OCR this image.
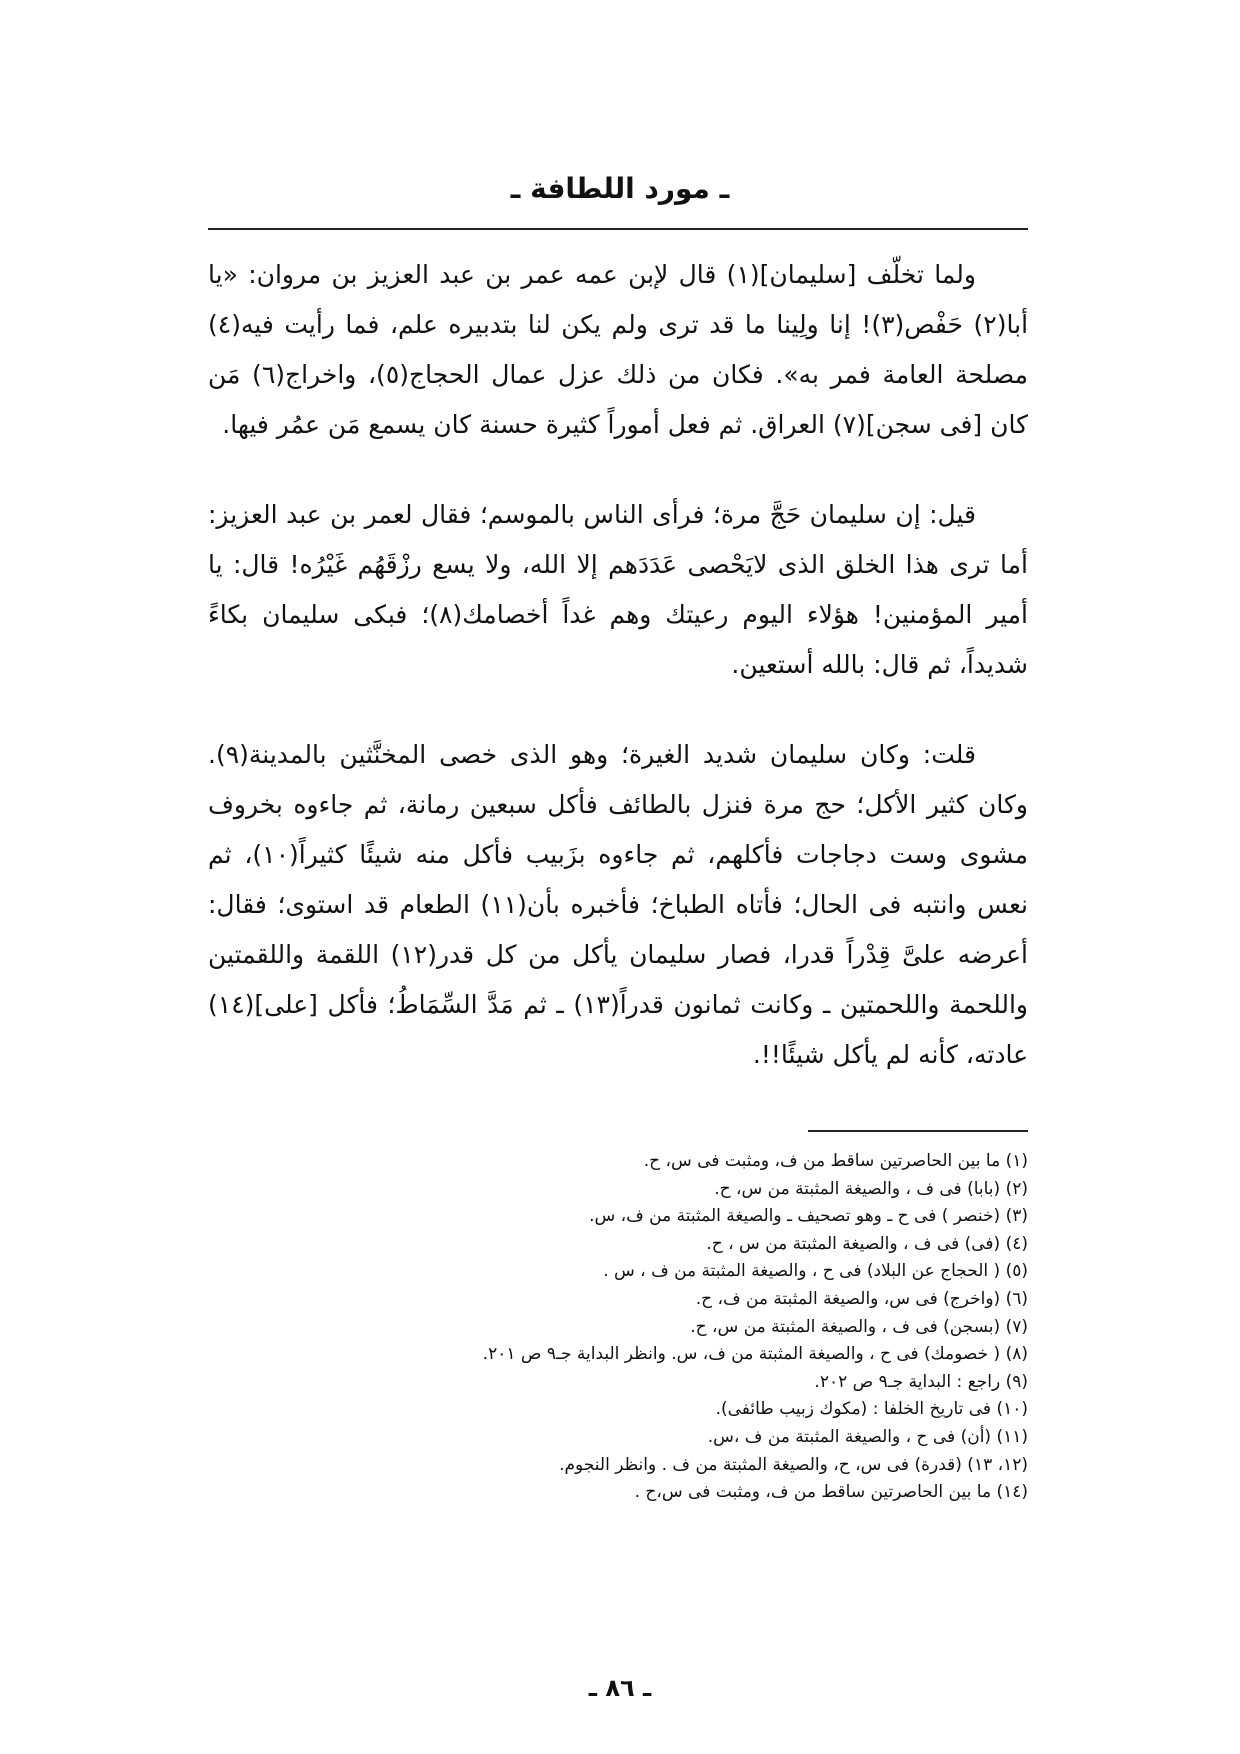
ـ مورد اللطافة ـ

ولما تخلّف [سليمان](١) قال لإبن عمه عمر بن عبد العزيز بن مروان: «يا أبا(٢) حَفْص(٣)! إنا ولِينا ما قد ترى ولم يكن لنا بتدبيره علم، فما رأيت فيه(٤) مصلحة العامة فمر به». فكان من ذلك عزل عمال الحجاج(٥)، واخراج(٦) مَن كان [فى سجن](٧) العراق. ثم فعل أموراً كثيرة حسنة كان يسمع مَن عمُر فيها.

قيل: إن سليمان حَجَّ مرة؛ فرأى الناس بالموسم؛ فقال لعمر بن عبد العزيز: أما ترى هذا الخلق الذى لايَحْصى عَدَدَهم إلا الله، ولا يسع رزْقَهُم غَيْرُه! قال: يا أمير المؤمنين! هؤلاء اليوم رعيتك وهم غداً أخصامك(٨)؛ فبكى سليمان بكاءً شديداً، ثم قال: بالله أستعين.

قلت: وكان سليمان شديد الغيرة؛ وهو الذى خصى المخنَّثين بالمدينة(٩). وكان كثير الأكل؛ حج مرة فنزل بالطائف فأكل سبعين رمانة، ثم جاءوه بخروف مشوى وست دجاجات فأكلهم، ثم جاءوه بزَبيب فأكل منه شيئًا كثيراً(١٠)، ثم نعس وانتبه فى الحال؛ فأتاه الطباخ؛ فأخبره بأن(١١) الطعام قد استوى؛ فقال: أعرضه علىَّ قِدْراً قدرا، فصار سليمان يأكل من كل قدر(١٢) اللقمة واللقمتين واللحمة واللحمتين ـ وكانت ثمانون قدراً(١٣) ـ ثم مَدَّ السِّمَاطُ؛ فأكل [على](١٤) عادته، كأنه لم يأكل شيئًا!!.

(١) ما بين الحاصرتين ساقط من ف، ومثبت فى س، ح.
(٢) (بابا) فى ف ، والصيغة المثبتة من س، ح.
(٣) (خنصر ) فى ح ـ وهو تصحيف ـ والصيغة المثبتة من ف، س.
(٤) (فى) فى ف ، والصيغة المثبتة من س ، ح.
(٥) ( الحجاج عن البلاد) فى ح ، والصيغة المثبتة من ف ، س .
(٦) (واخرج) فى س، والصيغة المثبتة من ف، ح.
(٧) (بسجن) فى ف ، والصيغة المثبتة من س، ح.
(٨) ( خصومك) فى ح ، والصيغة المثبتة من ف، س. وانظر البداية جـ٩ ص ٢٠١.
(٩) راجع : البداية جـ٩ ص ٢٠٢.
(١٠) فى تاريخ الخلفا : (مكوك زبيب طائفى).
(١١) (أن) فى ح ، والصيغة المثبتة من ف ،س.
(١٢، ١٣) (قدرة) فى س، ح، والصيغة المثبتة من ف . وانظر النجوم.
(١٤) ما بين الحاصرتين ساقط من ف، ومثبت فى س،ح .
ـ ٨٦ ـ
